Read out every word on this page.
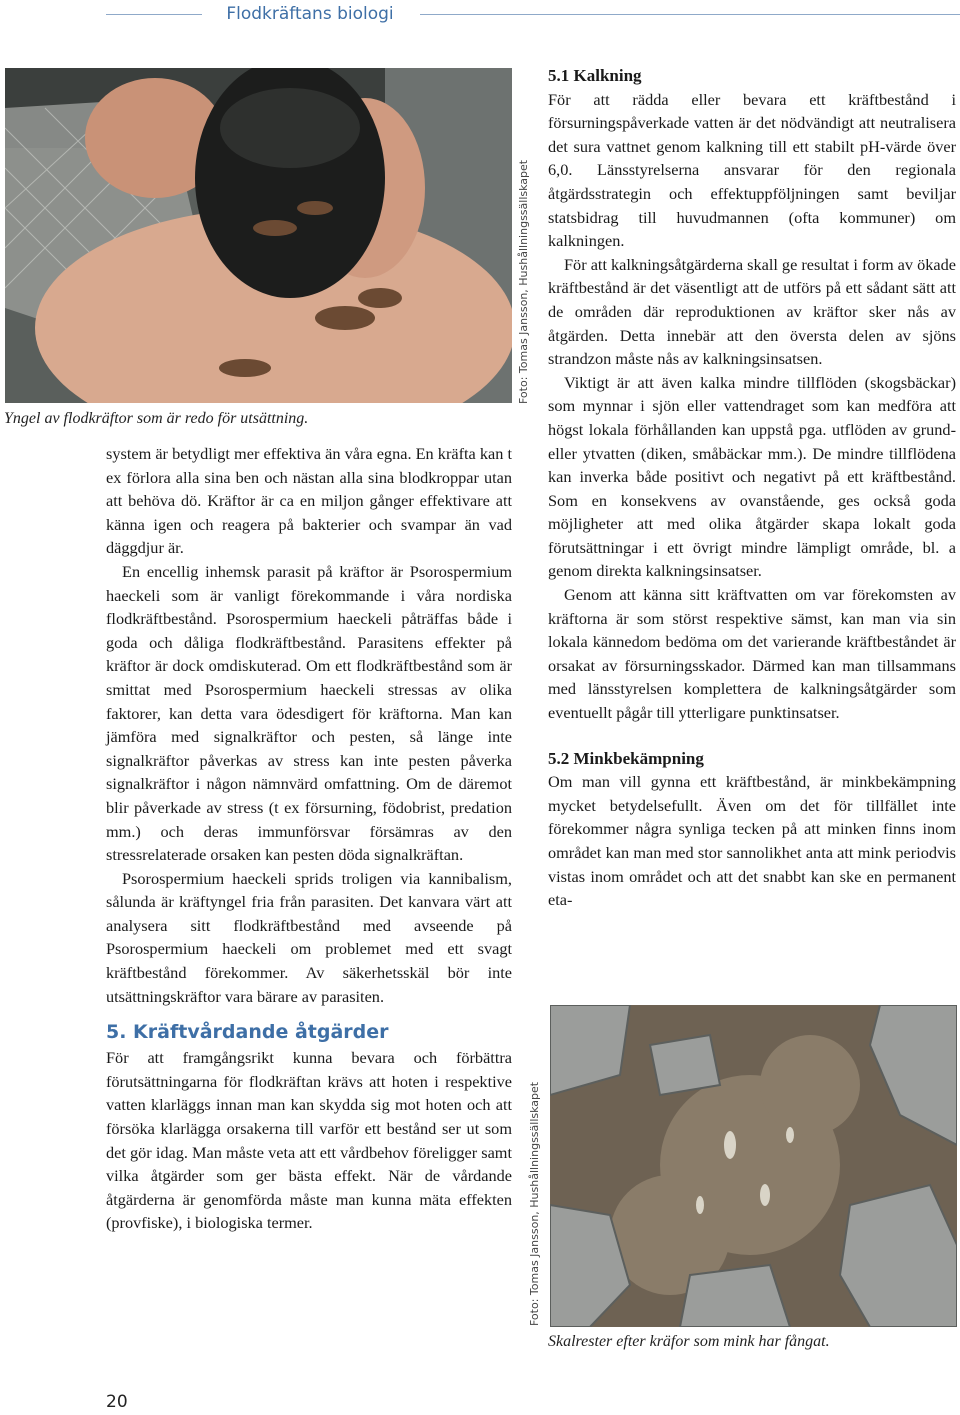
Flodkräftans biologi
Foto: Tomas Jansson, Hushållningssällskapet
Yngel av flodkräftor som är redo för utsättning.

system är betydligt mer effektiva än våra egna. En kräfta kan t ex förlora alla sina ben och nästan alla sina blodkroppar utan att behöva dö. Kräftor är ca en miljon gånger effektivare att känna igen och reagera på bakterier och svampar än vad däggdjur är.

En encellig inhemsk parasit på kräftor är Psorospermium haeckeli som är vanligt förekommande i våra nordiska flodkräftbestånd. Psorospermium haeckeli påträffas både i goda och dåliga flodkräftbestånd. Parasitens effekter på kräftor är dock omdiskuterad. Om ett flodkräftbestånd som är smittat med Psorospermium haeckeli stressas av olika faktorer, kan detta vara ödesdigert för kräftorna. Man kan jämföra med signalkräftor och pesten, så länge inte signalkräftor påverkas av stress kan inte pesten påverka signalkräftor i någon nämnvärd omfattning. Om de däremot blir påverkade av stress (t ex försurning, födobrist, predation mm.) och deras immunförsvar försämras av den stressrelaterade orsaken kan pesten döda signalkräftan.

Psorospermium haeckeli sprids troligen via kannibalism, sålunda är kräftyngel fria från parasiten. Det kanvara värt att analysera sitt flodkräftbestånd med avseende på Psorospermium haeckeli om problemet med ett svagt kräftbestånd förekommer. Av säkerhetsskäl bör inte utsättningskräftor vara bärare av parasiten.

5. Kräftvårdande åtgärder

För att framgångsrikt kunna bevara och förbättra förutsättningarna för flodkräftan krävs att hoten i respektive vatten klarläggs innan man kan skydda sig mot hoten och att försöka klarlägga orsakerna till varför ett bestånd ser ut som det gör idag. Man måste veta att ett vårdbehov föreligger samt vilka åtgärder som ger bästa effekt. När de vårdande åtgärderna är genomförda måste man kunna mäta effekten (provfiske), i biologiska termer.

5.1 Kalkning

För att rädda eller bevara ett kräftbestånd i försurningspåverkade vatten är det nödvändigt att neutralisera det sura vattnet genom kalkning till ett stabilt pH-värde över 6,0. Länsstyrelserna ansvarar för den regionala åtgärdsstrategin och effektuppföljningen samt beviljar statsbidrag till huvudmannen (ofta kommuner) om kalkningen.

För att kalkningsåtgärderna skall ge resultat i form av ökade kräftbestånd är det väsentligt att de utförs på ett sådant sätt att de områden där reproduktionen av kräftor sker nås av åtgärden. Detta innebär att den översta delen av sjöns strandzon måste nås av kalkningsinsatsen.

Viktigt är att även kalka mindre tillflöden (skogsbäckar) som mynnar i sjön eller vattendraget som kan medföra att högst lokala förhållanden kan uppstå pga. utflöden av grund- eller ytvatten (diken, småbäckar mm.). De mindre tillflödena kan inverka både positivt och negativt på ett kräftbestånd. Som en konsekvens av ovanstående, ges också goda möjligheter att med olika åtgärder skapa lokalt goda förutsättningar i ett övrigt mindre lämpligt område, bl. a genom direkta kalkningsinsatser.

Genom att känna sitt kräftvatten om var förekomsten av kräftorna är som störst respektive sämst, kan man via sin lokala kännedom bedöma om det varierande kräftbeståndet är orsakat av försurningsskador. Därmed kan man tillsammans med länsstyrelsen komplettera de kalkningsåtgärder som eventuellt pågår till ytterligare punktinsatser.

5.2 Minkbekämpning

Om man vill gynna ett kräftbestånd, är minkbekämpning mycket betydelsefullt. Även om det för tillfället inte förekommer några synliga tecken på att minken finns inom området kan man med stor sannolikhet anta att mink periodvis vistas inom området och att det snabbt kan ske en permanent eta-

Foto: Tomas Jansson, Hushållningssällskapet
Skalrester efter kräfor som mink har fångat.
20
